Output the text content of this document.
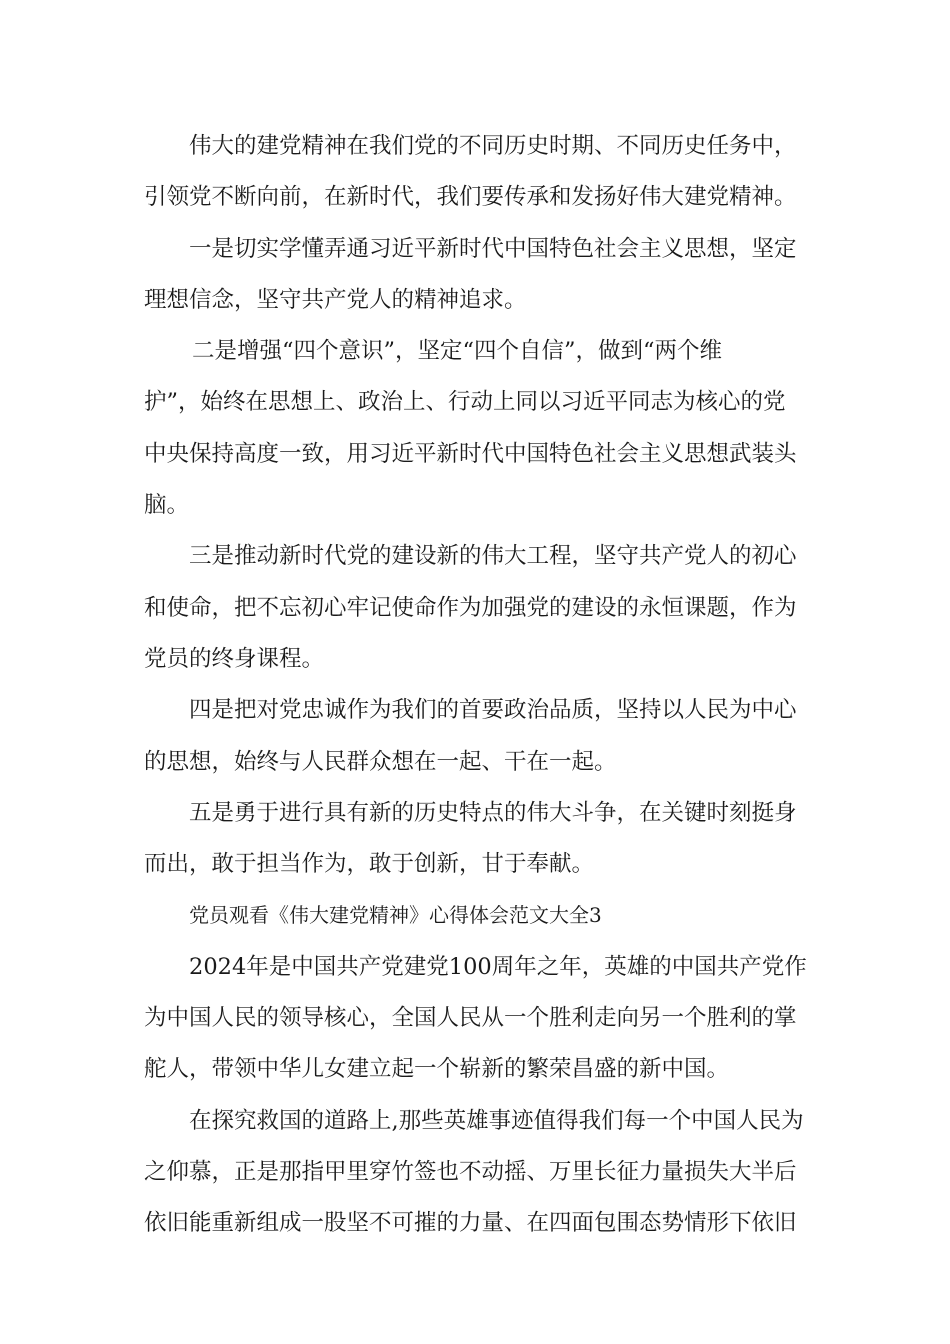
伟大的建党精神在我们党的不同历史时期、不同历史任务中，
引领党不断向前，在新时代，我们要传承和发扬好伟大建党精神。
一是切实学懂弄通习近平新时代中国特色社会主义思想，坚定
理想信念，坚守共产党人的精神追求。
二是增强“四个意识”，坚定“四个自信”，做到“两个维
护”，始终在思想上、政治上、行动上同以习近平同志为核心的党
中央保持高度一致，用习近平新时代中国特色社会主义思想武装头
脑。
三是推动新时代党的建设新的伟大工程，坚守共产党人的初心
和使命，把不忘初心牢记使命作为加强党的建设的永恒课题，作为
党员的终身课程。
四是把对党忠诚作为我们的首要政治品质，坚持以人民为中心
的思想，始终与人民群众想在一起、干在一起。
五是勇于进行具有新的历史特点的伟大斗争，在关键时刻挺身
而出，敢于担当作为，敢于创新，甘于奉献。
党员观看《伟大建党精神》心得体会范文大全3
2024年是中国共产党建党100周年之年，英雄的中国共产党作
为中国人民的领导核心，全国人民从一个胜利走向另一个胜利的掌
舵人，带领中华儿女建立起一个崭新的繁荣昌盛的新中国。
在探究救国的道路上,那些英雄事迹值得我们每一个中国人民为
之仰慕，正是那指甲里穿竹签也不动摇、万里长征力量损失大半后
依旧能重新组成一股坚不可摧的力量、在四面包围态势情形下依旧
